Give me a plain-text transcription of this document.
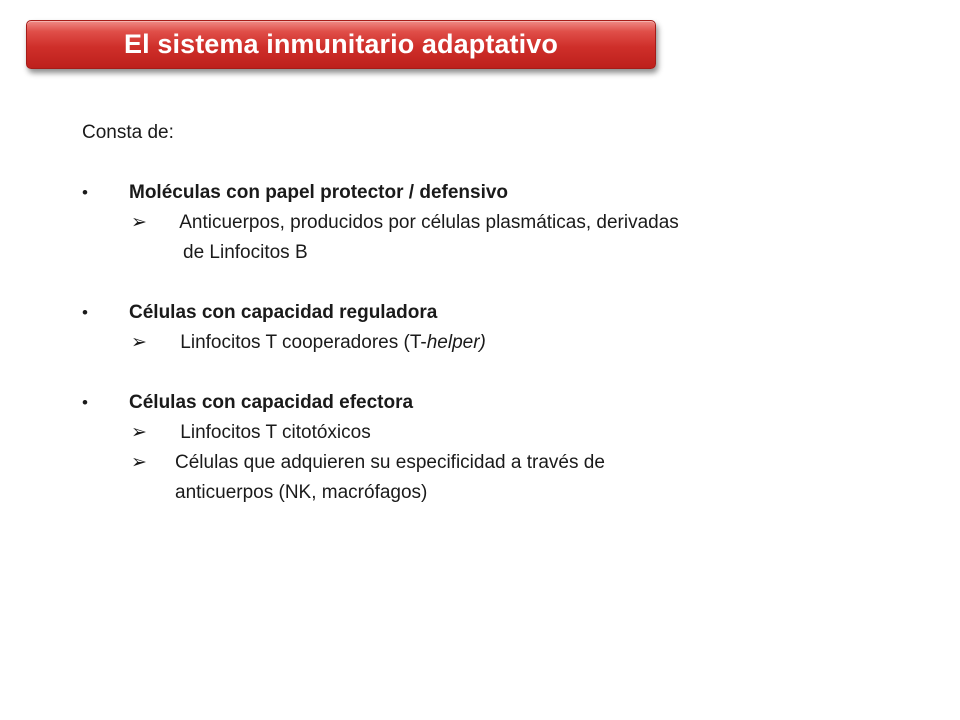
El sistema inmunitario adaptativo
Consta de:
•	Moléculas con papel protector / defensivo
➢	Anticuerpos, producidos por células plasmáticas, derivadas
de Linfocitos B
•	Células con capacidad reguladora
➢	Linfocitos T cooperadores (T-helper)
•	Células con capacidad efectora
➢	Linfocitos T citotóxicos
➢	Células que adquieren su especificidad a través de
anticuerpos (NK, macrófagos)
